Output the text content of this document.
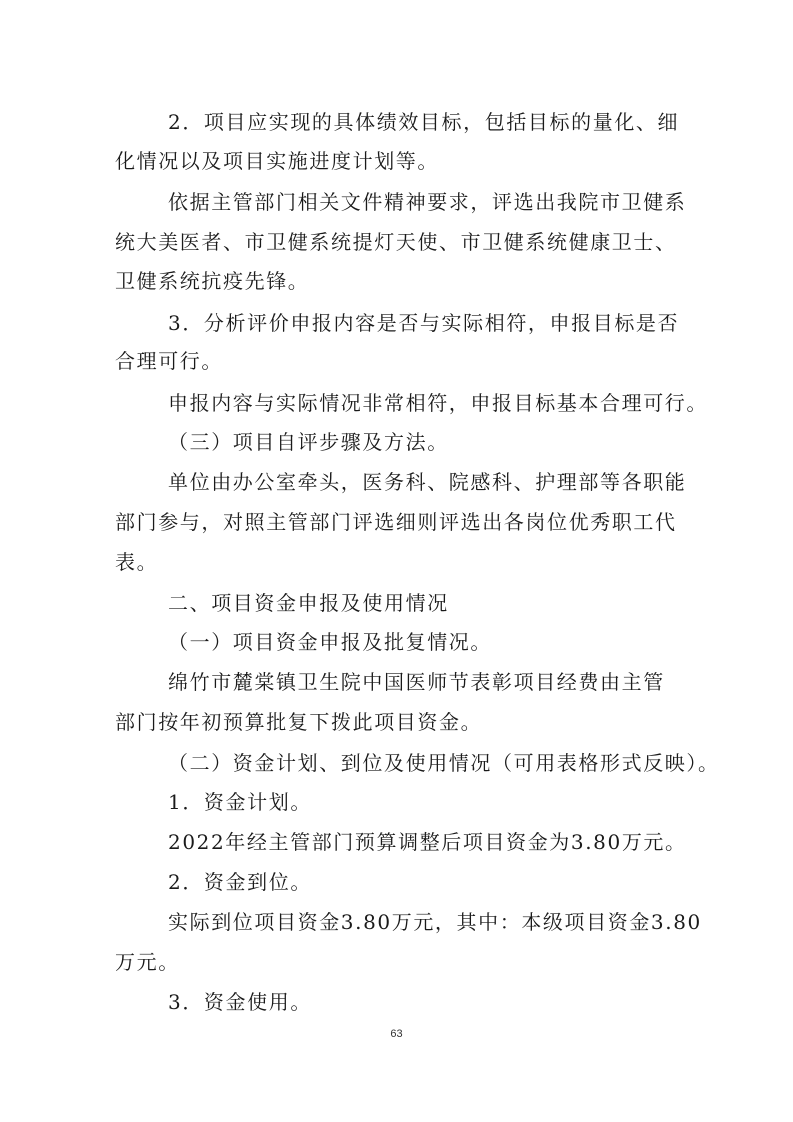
2．项目应实现的具体绩效目标，包括目标的量化、细
化情况以及项目实施进度计划等。
依据主管部门相关文件精神要求，评选出我院市卫健系
统大美医者、市卫健系统提灯天使、市卫健系统健康卫士、
卫健系统抗疫先锋。
3．分析评价申报内容是否与实际相符，申报目标是否
合理可行。
申报内容与实际情况非常相符，申报目标基本合理可行。
（三）项目自评步骤及方法。
单位由办公室牵头，医务科、院感科、护理部等各职能
部门参与，对照主管部门评选细则评选出各岗位优秀职工代
表。
二、项目资金申报及使用情况
（一）项目资金申报及批复情况。
绵竹市麓棠镇卫生院中国医师节表彰项目经费由主管
部门按年初预算批复下拨此项目资金。
（二）资金计划、到位及使用情况（可用表格形式反映）。
1．资金计划。
2022年经主管部门预算调整后项目资金为3.80万元。
2．资金到位。
实际到位项目资金3.80万元，其中：本级项目资金3.80
万元。
3．资金使用。
63
